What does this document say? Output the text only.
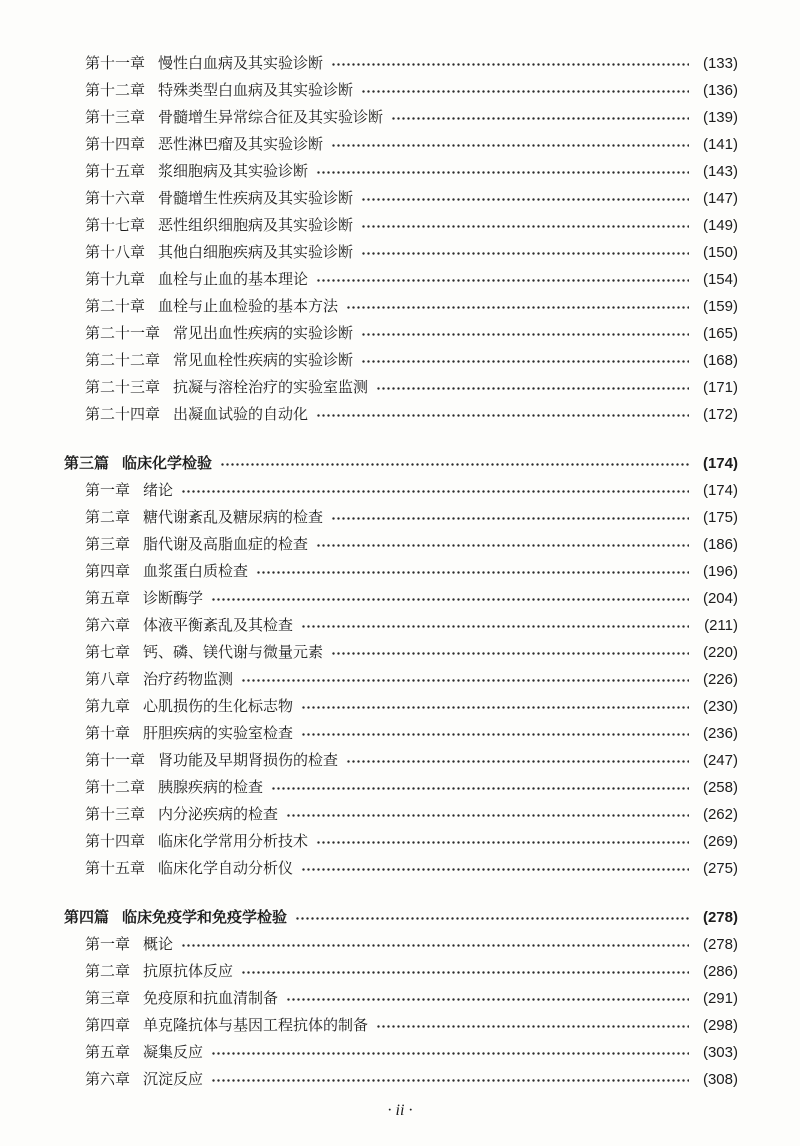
第十一章 慢性白血病及其实验诊断	(133)
第十二章 特殊类型白血病及其实验诊断	(136)
第十三章 骨髓增生异常综合征及其实验诊断	(139)
第十四章 恶性淋巴瘤及其实验诊断	(141)
第十五章 浆细胞病及其实验诊断	(143)
第十六章 骨髓增生性疾病及其实验诊断	(147)
第十七章 恶性组织细胞病及其实验诊断	(149)
第十八章 其他白细胞疾病及其实验诊断	(150)
第十九章 血栓与止血的基本理论	(154)
第二十章 血栓与止血检验的基本方法	(159)
第二十一章 常见出血性疾病的实验诊断	(165)
第二十二章 常见血栓性疾病的实验诊断	(168)
第二十三章 抗凝与溶栓治疗的实验室监测	(171)
第二十四章 出凝血试验的自动化	(172)
第三篇 临床化学检验	(174)
第一章 绪论	(174)
第二章 糖代谢紊乱及糖尿病的检查	(175)
第三章 脂代谢及高脂血症的检查	(186)
第四章 血浆蛋白质检查	(196)
第五章 诊断酶学	(204)
第六章 体液平衡紊乱及其检查	(211)
第七章 钙、磷、镁代谢与微量元素	(220)
第八章 治疗药物监测	(226)
第九章 心肌损伤的生化标志物	(230)
第十章 肝胆疾病的实验室检查	(236)
第十一章 肾功能及早期肾损伤的检查	(247)
第十二章 胰腺疾病的检查	(258)
第十三章 内分泌疾病的检查	(262)
第十四章 临床化学常用分析技术	(269)
第十五章 临床化学自动分析仪	(275)
第四篇 临床免疫学和免疫学检验	(278)
第一章 概论	(278)
第二章 抗原抗体反应	(286)
第三章 免疫原和抗血清制备	(291)
第四章 单克隆抗体与基因工程抗体的制备	(298)
第五章 凝集反应	(303)
第六章 沉淀反应	(308)
· ii ·
